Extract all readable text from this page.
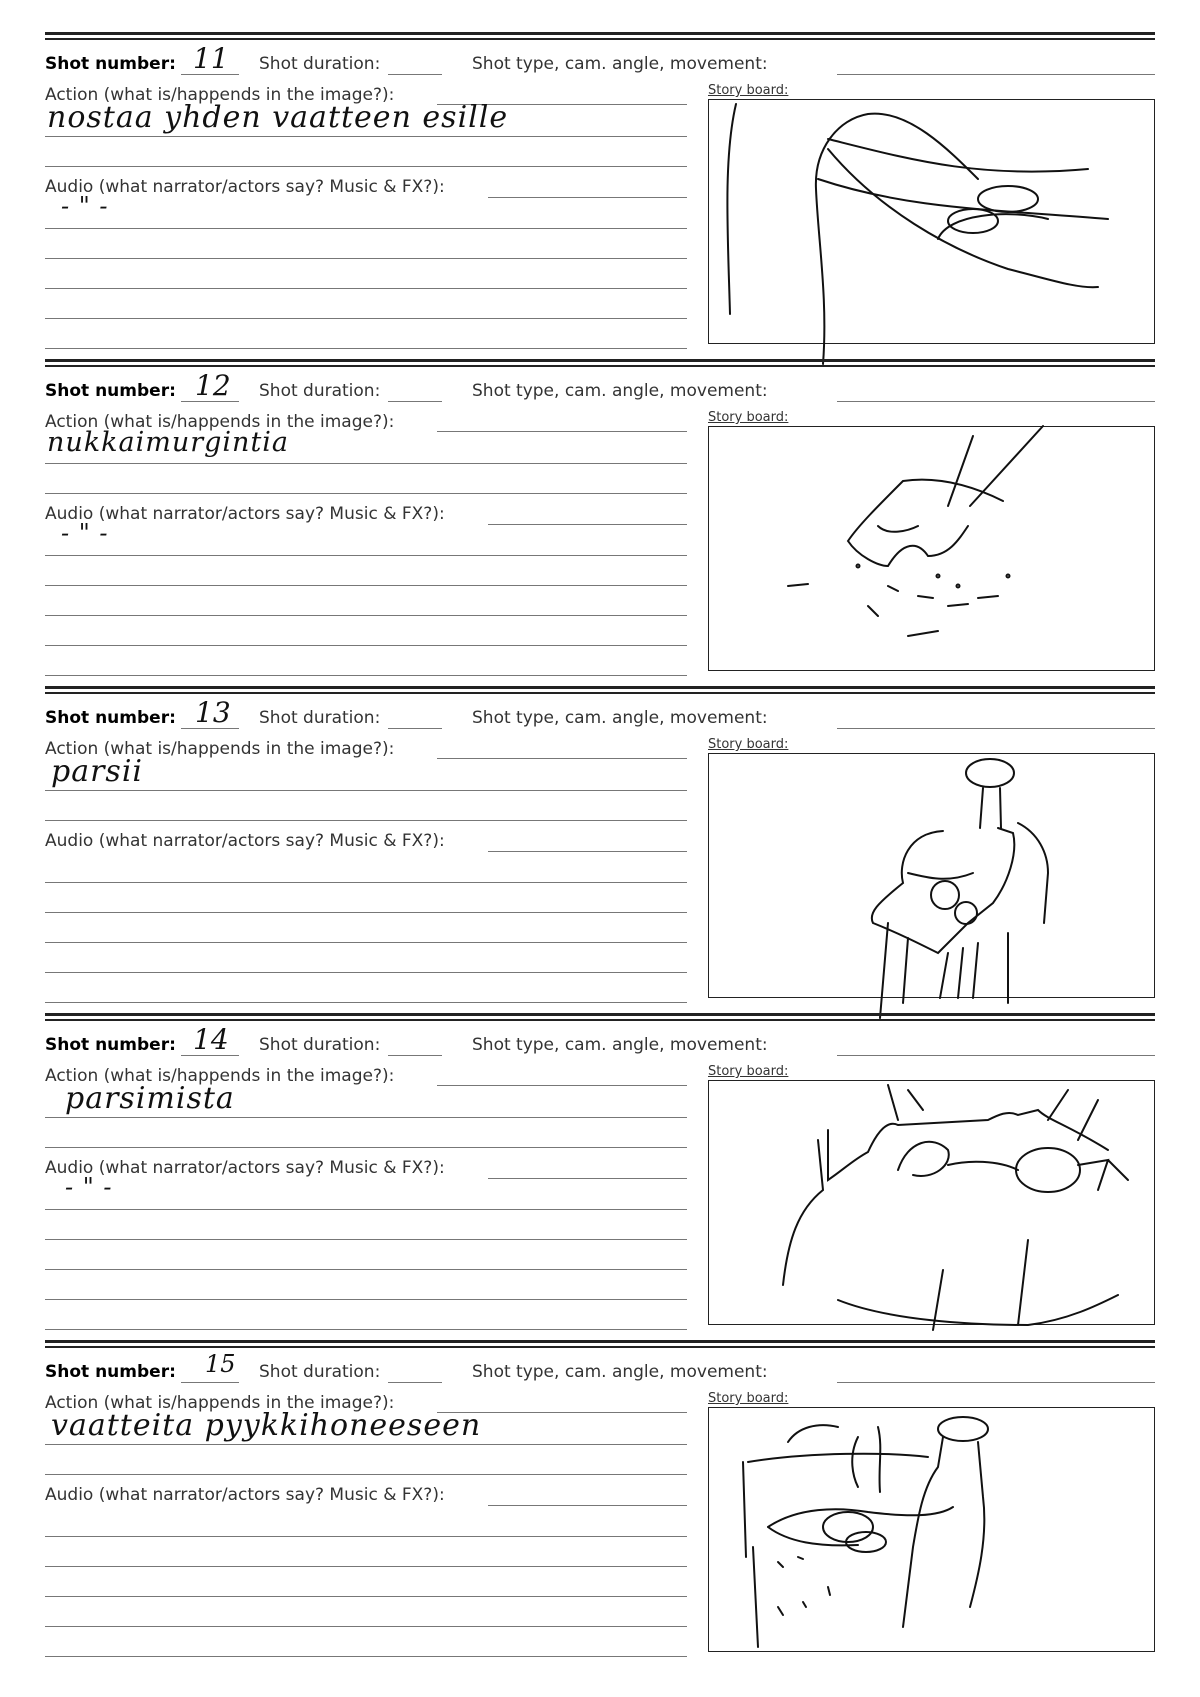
Shot number: 11 Shot duration:	Shot type, cam. angle, movement:
Action (what is/happends in the image?):
nostaa yhden vaatteen esille
Audio (what narrator/actors say? Music & FX?):
- " -
Story board:
Shot number: 12 Shot duration:	Shot type, cam. angle, movement:
Action (what is/happends in the image?):
nukkaimurgintia
Audio (what narrator/actors say? Music & FX?):
- " -
Story board:
Shot number: 13 Shot duration:	Shot type, cam. angle, movement:
Action (what is/happends in the image?):
parsii
Audio (what narrator/actors say? Music & FX?):
Story board:
Shot number: 14 Shot duration:	Shot type, cam. angle, movement:
Action (what is/happends in the image?):
parsimista
Audio (what narrator/actors say? Music & FX?):
- " -
Story board:
Shot number: 15 Shot duration:	Shot type, cam. angle, movement:
Action (what is/happends in the image?):
vaatteita pyykkihoneeseen
Audio (what narrator/actors say? Music & FX?):
Story board:
